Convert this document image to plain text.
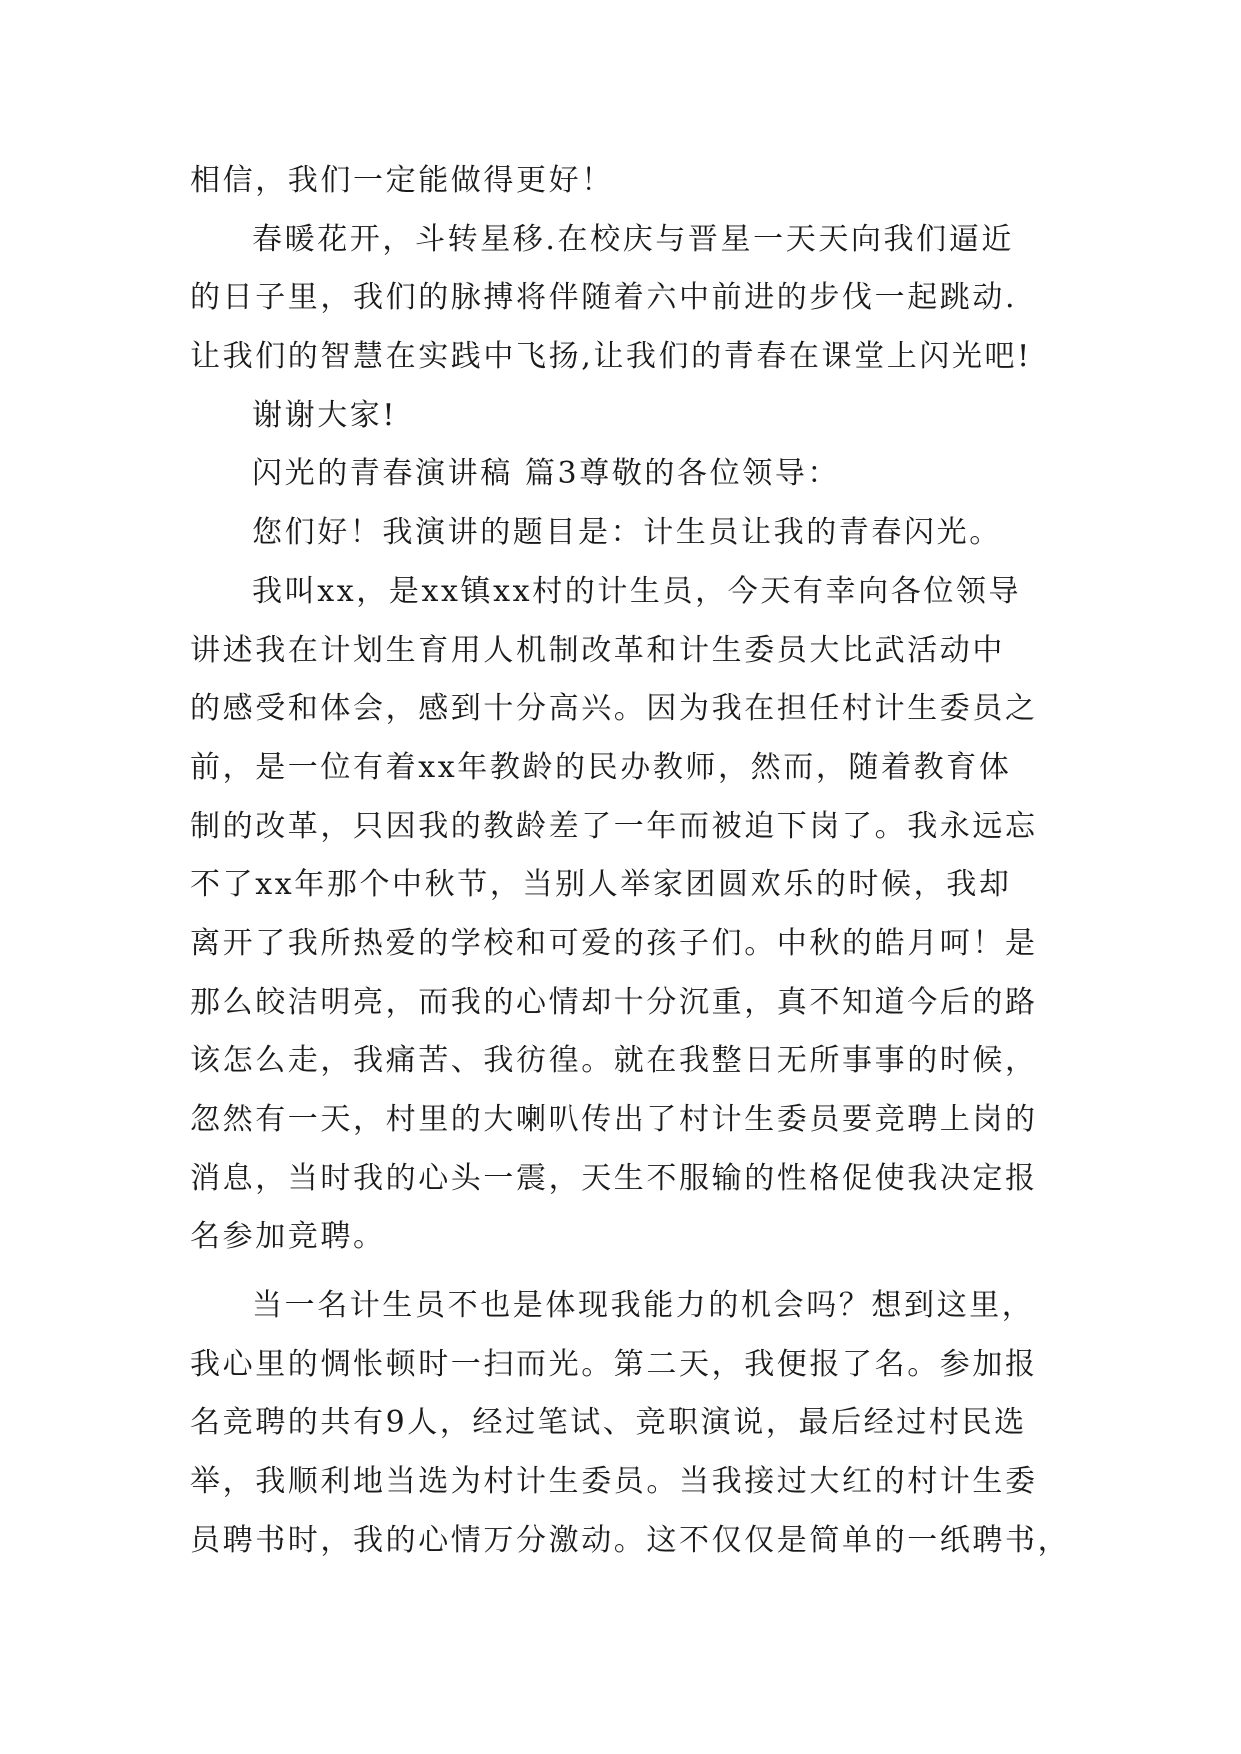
相信，我们一定能做得更好！
春暖花开，斗转星移.在校庆与晋星一天天向我们逼近
的日子里，我们的脉搏将伴随着六中前进的步伐一起跳动.
让我们的智慧在实践中飞扬,让我们的青春在课堂上闪光吧!
谢谢大家!
闪光的青春演讲稿 篇3尊敬的各位领导：
您们好！我演讲的题目是：计生员让我的青春闪光。
我叫xx，是xx镇xx村的计生员，今天有幸向各位领导
讲述我在计划生育用人机制改革和计生委员大比武活动中
的感受和体会，感到十分高兴。因为我在担任村计生委员之
前，是一位有着xx年教龄的民办教师，然而，随着教育体
制的改革，只因我的教龄差了一年而被迫下岗了。我永远忘
不了xx年那个中秋节，当别人举家团圆欢乐的时候，我却
离开了我所热爱的学校和可爱的孩子们。中秋的皓月呵！是
那么皎洁明亮，而我的心情却十分沉重，真不知道今后的路
该怎么走，我痛苦、我彷徨。就在我整日无所事事的时候，
忽然有一天，村里的大喇叭传出了村计生委员要竞聘上岗的
消息，当时我的心头一震，天生不服输的性格促使我决定报
名参加竞聘。
当一名计生员不也是体现我能力的机会吗？想到这里，
我心里的惆怅顿时一扫而光。第二天，我便报了名。参加报
名竞聘的共有9人，经过笔试、竞职演说，最后经过村民选
举，我顺利地当选为村计生委员。当我接过大红的村计生委
员聘书时，我的心情万分激动。这不仅仅是简单的一纸聘书，
